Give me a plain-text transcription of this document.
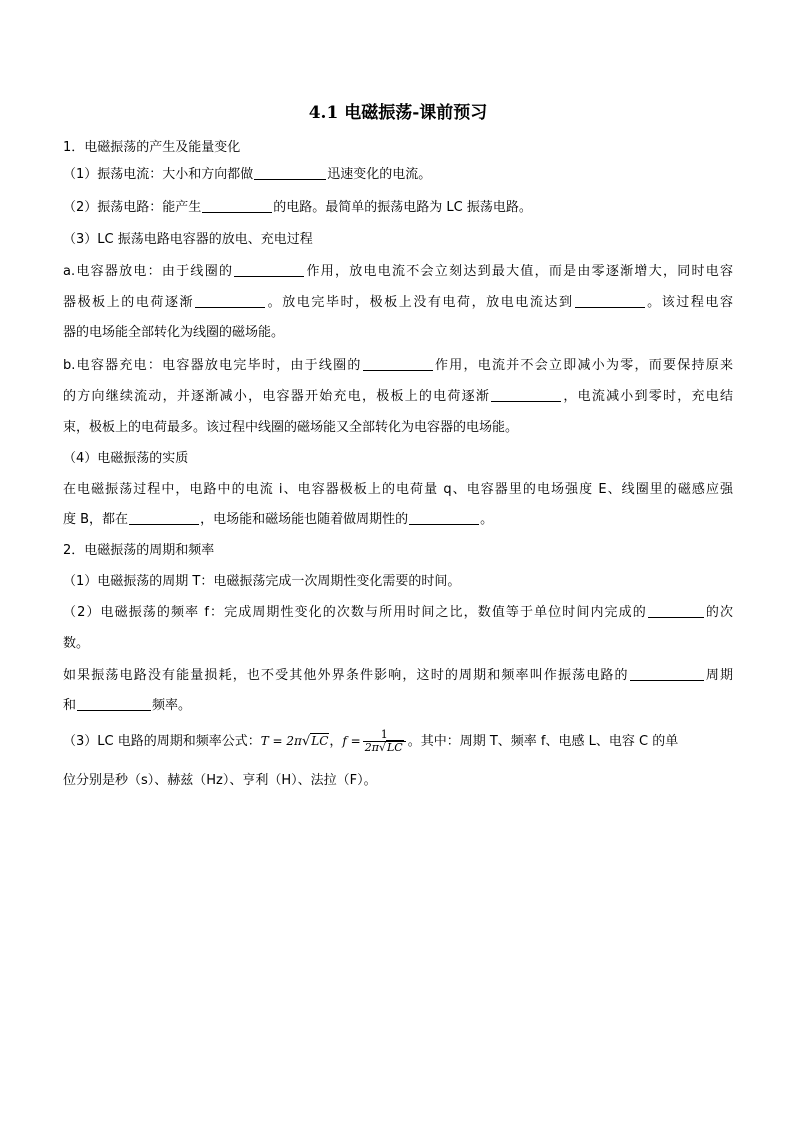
4.1 电磁振荡-课前预习
1．电磁振荡的产生及能量变化
（1）振荡电流：大小和方向都做	迅速变化的电流。
（2）振荡电路：能产生	的电路。最简单的振荡电路为 LC 振荡电路。
（3）LC 振荡电路电容器的放电、充电过程
a.电容器放电：由于线圈的	作用，放电电流不会立刻达到最大值，而是由零逐渐增大，同时电容
器极板上的电荷逐渐	。放电完毕时，极板上没有电荷，放电电流达到	。该过程电容
器的电场能全部转化为线圈的磁场能。
b.电容器充电：电容器放电完毕时，由于线圈的	作用，电流并不会立即减小为零，而要保持原来
的方向继续流动，并逐渐减小，电容器开始充电，极板上的电荷逐渐	，电流减小到零时，充电结
束，极板上的电荷最多。该过程中线圈的磁场能又全部转化为电容器的电场能。
（4）电磁振荡的实质
在电磁振荡过程中，电路中的电流 i、电容器极板上的电荷量 q、电容器里的电场强度 E、线圈里的磁感应强
度 B，都在	，电场能和磁场能也随着做周期性的	。
2．电磁振荡的周期和频率
（1）电磁振荡的周期 T：电磁振荡完成一次周期性变化需要的时间。
（2）电磁振荡的频率 f：完成周期性变化的次数与所用时间之比，数值等于单位时间内完成的	的次
数。
如果振荡电路没有能量损耗，也不受其他外界条件影响，这时的周期和频率叫作振荡电路的	周期
和	频率。
（3）LC 电路的周期和频率公式：T = 2π√LC，$f = \frac{1}{2\pi√LC}$ 。其中：周期 T、频率 f、电感 L、电容 C 的单
位分别是秒（s）、赫兹（Hz）、亨利（H）、法拉（F）。
